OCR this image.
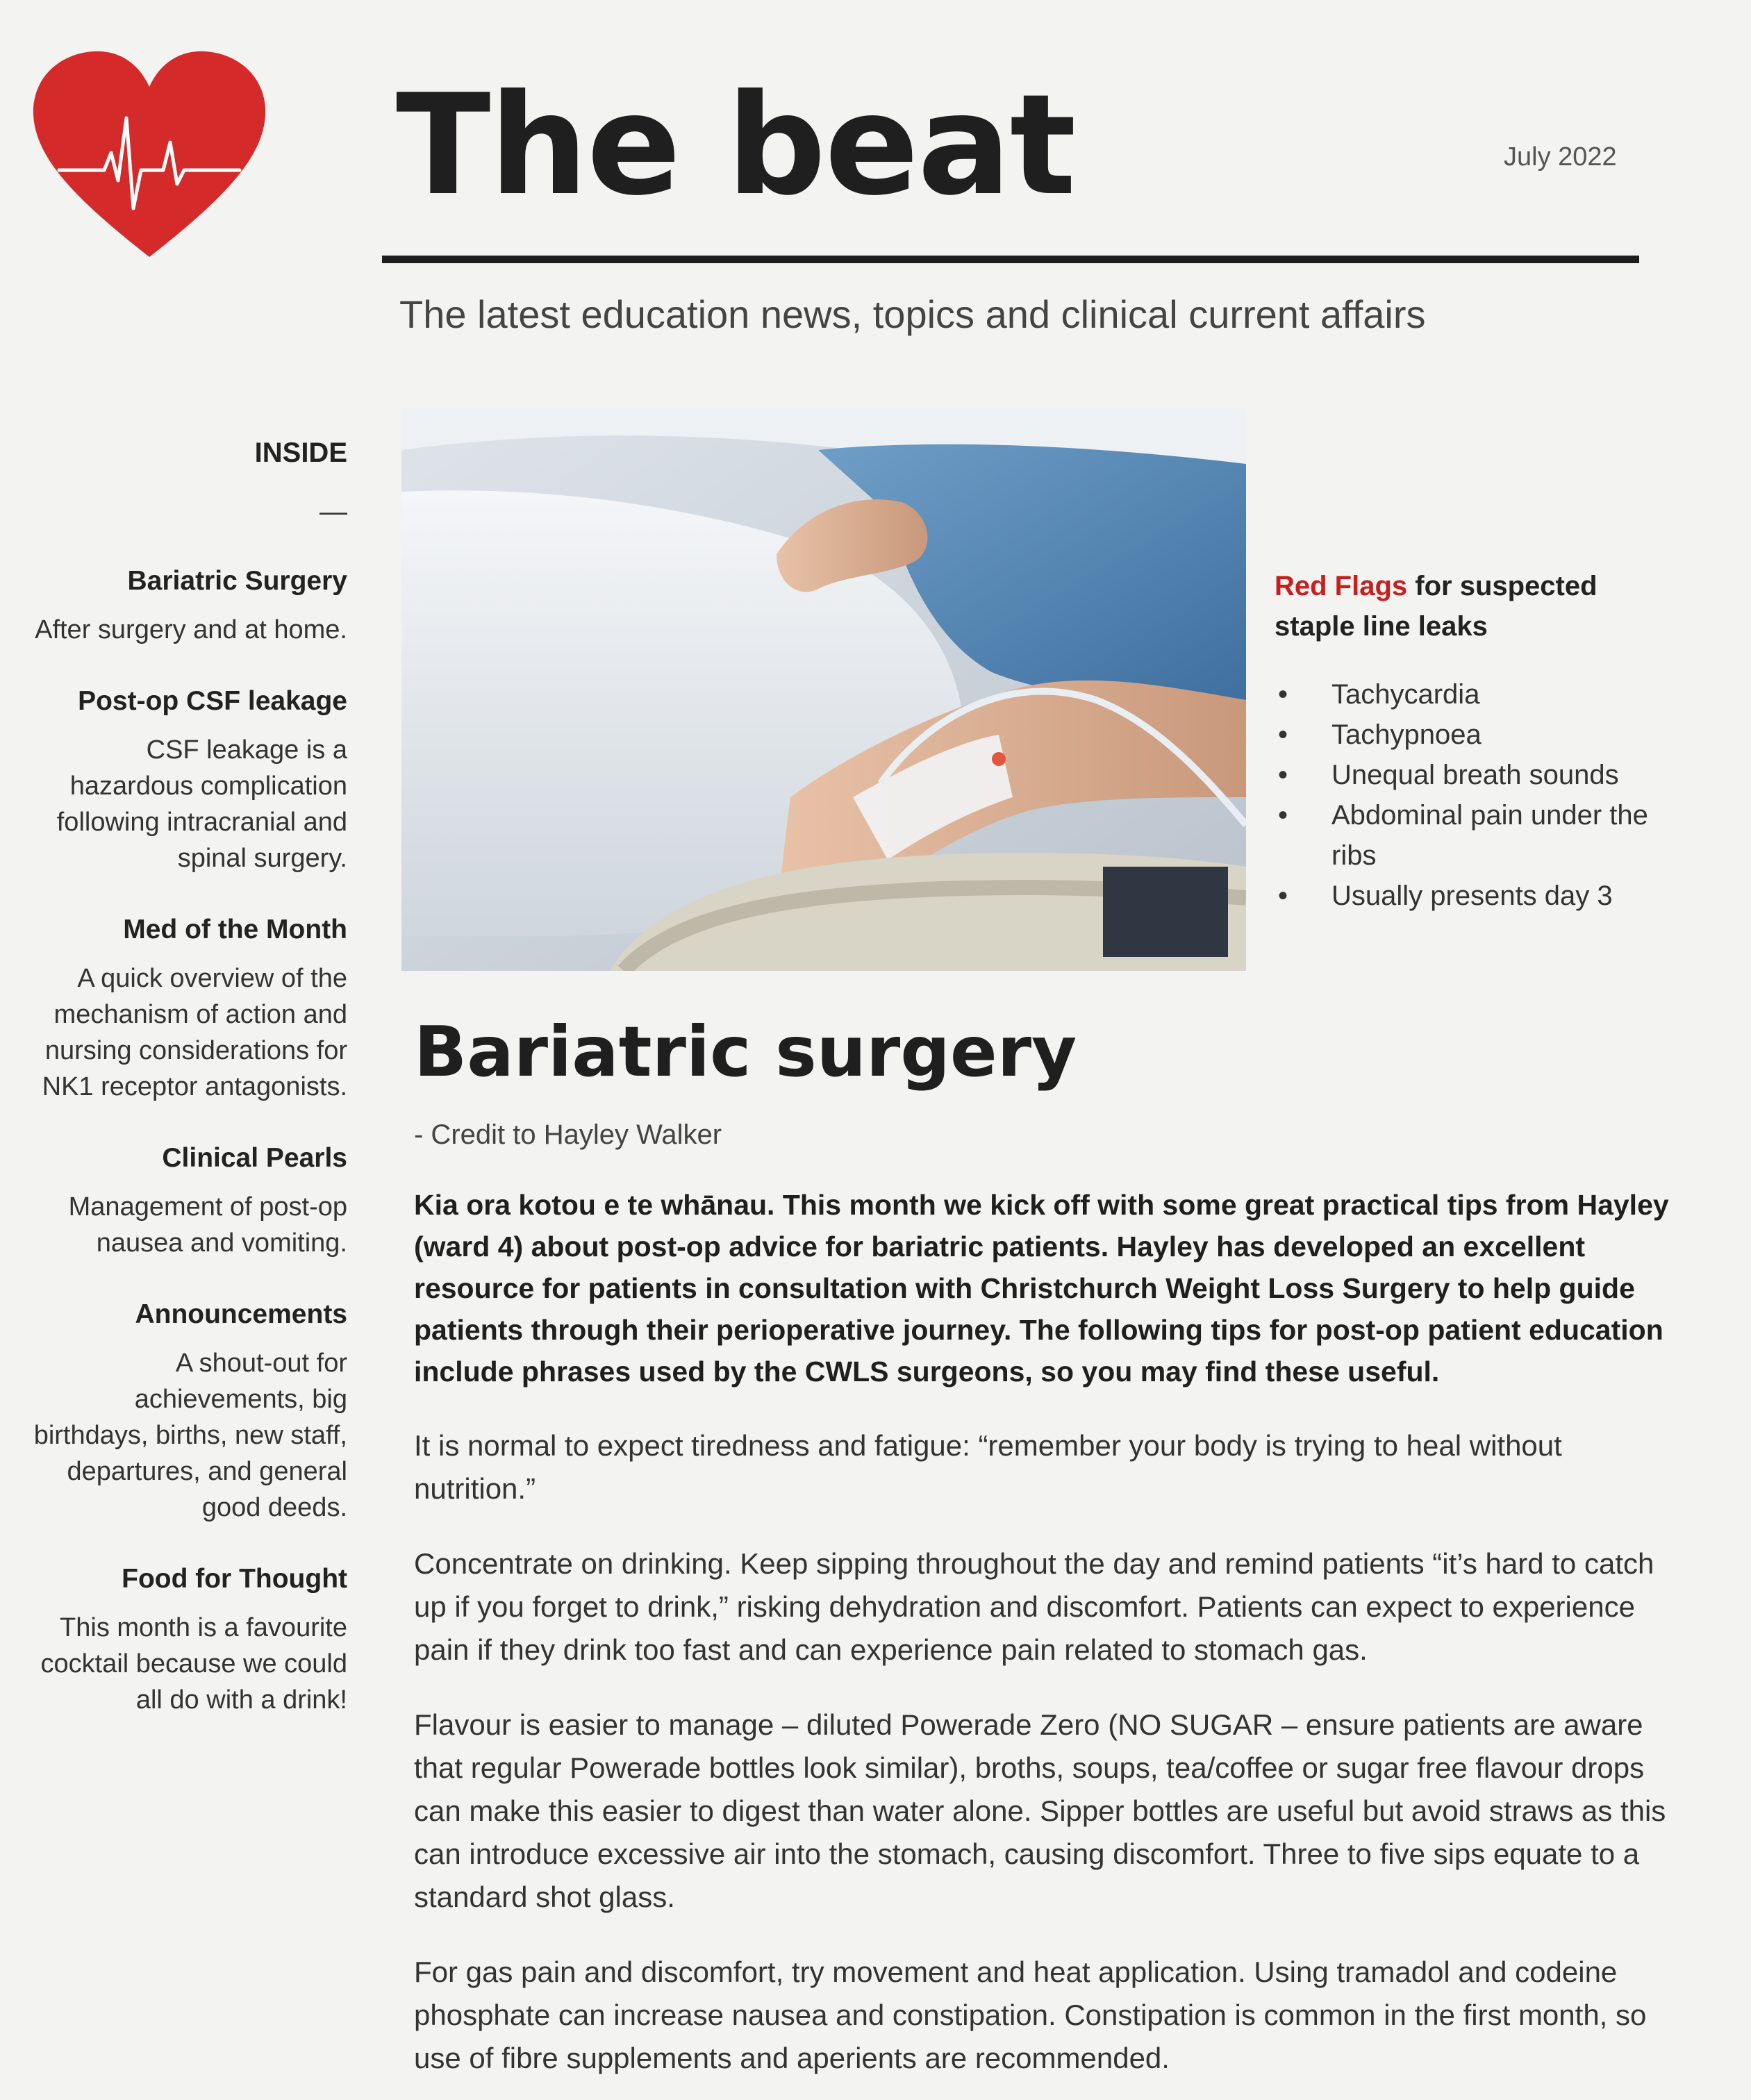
The beat	July 2022
The latest education news, topics and clinical current affairs
INSIDE
—
Bariatric Surgery
After surgery and at home.
Post-op CSF leakage
CSF leakage is a hazardous complication following intracranial and spinal surgery.
Med of the Month
A quick overview of the mechanism of action and nursing considerations for NK1 receptor antagonists.
Clinical Pearls
Management of post-op nausea and vomiting.
Announcements
A shout-out for achievements, big birthdays, births, new staff, departures, and general good deeds.
Food for Thought
This month is a favourite cocktail because we could all do with a drink!
Red Flags for suspected staple line leaks
• Tachycardia
• Tachypnoea
• Unequal breath sounds
• Abdominal pain under the ribs
• Usually presents day 3
Bariatric surgery
- Credit to Hayley Walker
Kia ora kotou e te whānau. This month we kick off with some great practical tips from Hayley (ward 4) about post-op advice for bariatric patients. Hayley has developed an excellent resource for patients in consultation with Christchurch Weight Loss Surgery to help guide patients through their perioperative journey. The following tips for post-op patient education include phrases used by the CWLS surgeons, so you may find these useful.
It is normal to expect tiredness and fatigue: “remember your body is trying to heal without nutrition.”
Concentrate on drinking. Keep sipping throughout the day and remind patients “it’s hard to catch up if you forget to drink,” risking dehydration and discomfort. Patients can expect to experience pain if they drink too fast and can experience pain related to stomach gas.
Flavour is easier to manage – diluted Powerade Zero (NO SUGAR – ensure patients are aware that regular Powerade bottles look similar), broths, soups, tea/coffee or sugar free flavour drops can make this easier to digest than water alone. Sipper bottles are useful but avoid straws as this can introduce excessive air into the stomach, causing discomfort. Three to five sips equate to a standard shot glass.
For gas pain and discomfort, try movement and heat application. Using tramadol and codeine phosphate can increase nausea and constipation. Constipation is common in the first month, so use of fibre supplements and aperients are recommended.
